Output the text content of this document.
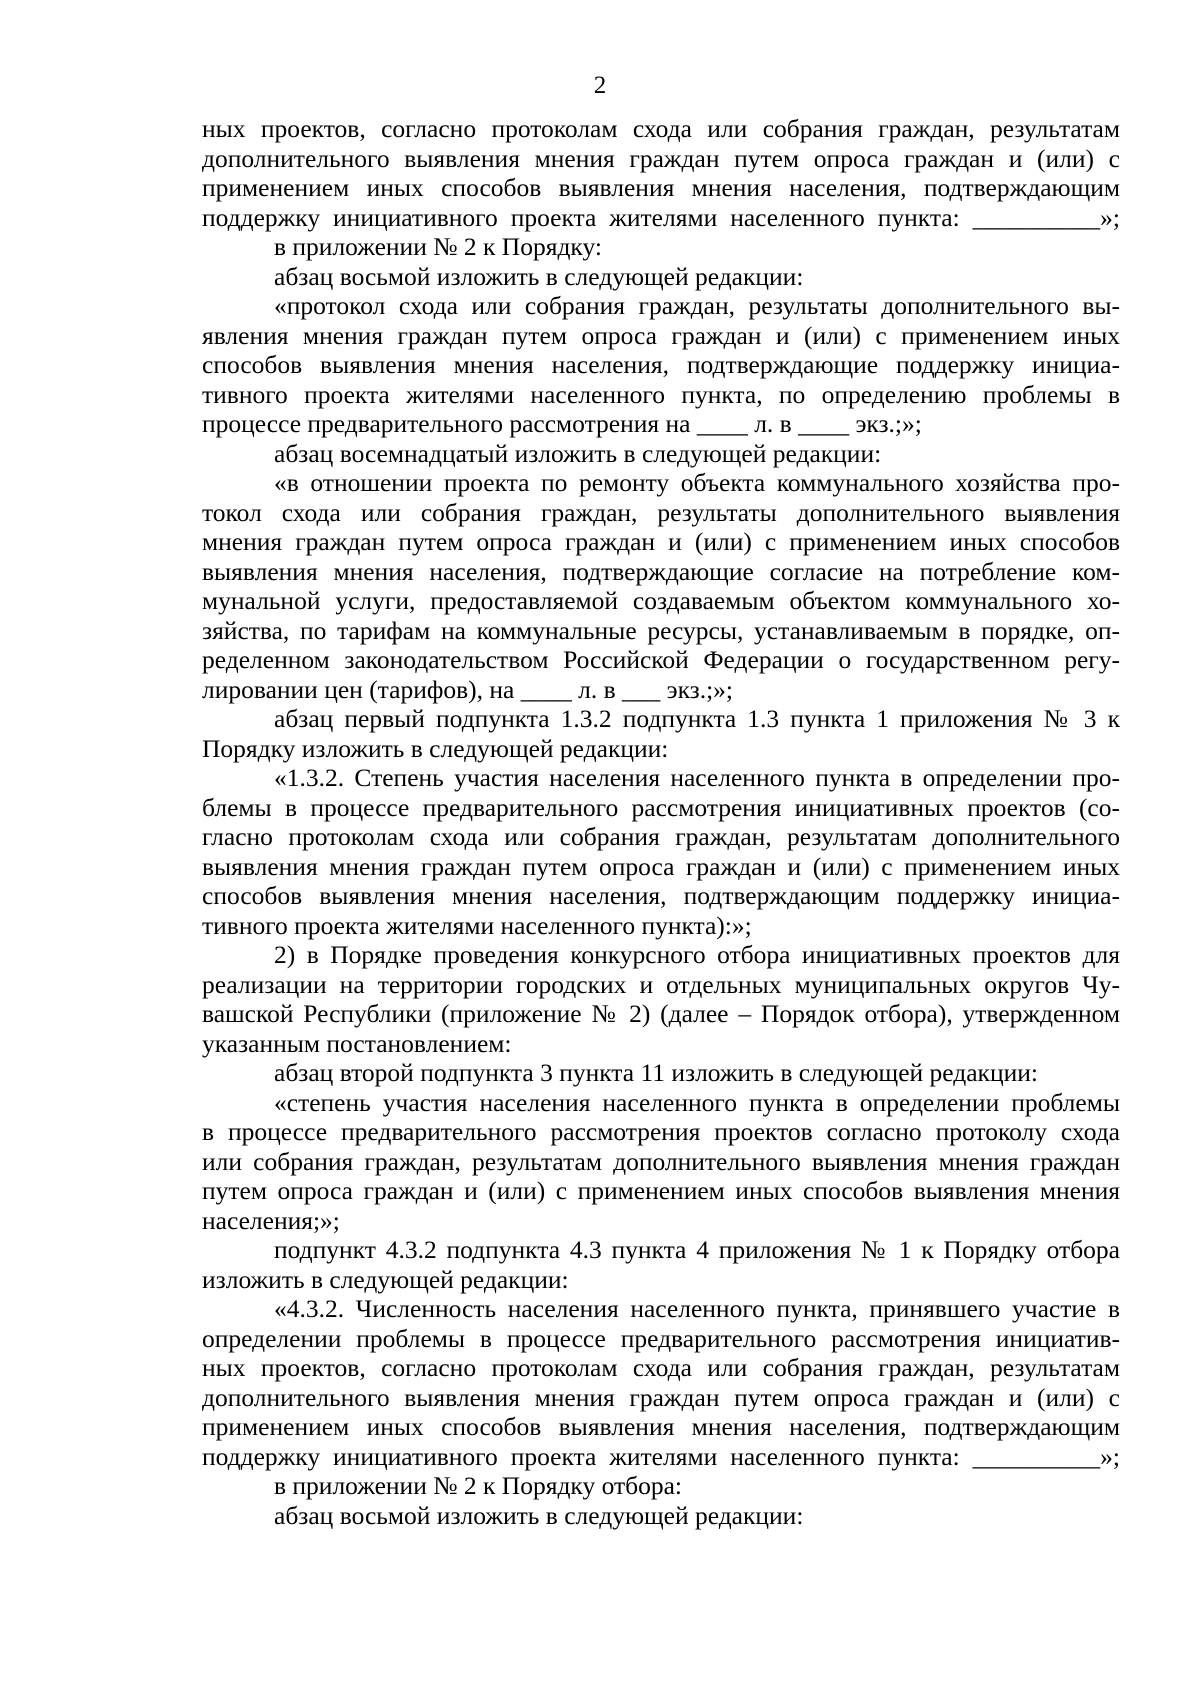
2
ных проектов, согласно протоколам схода или собрания граждан, результатам
дополнительного выявления мнения граждан путем опроса граждан и (или) с
применением иных способов выявления мнения населения, подтверждающим
поддержку инициативного проекта жителями населенного пункта: __________»;
в приложении № 2 к Порядку:
абзац восьмой изложить в следующей редакции:
«протокол схода или собрания граждан, результаты дополнительного вы-
явления мнения граждан путем опроса граждан и (или) с применением иных
способов выявления мнения населения, подтверждающие поддержку инициа-
тивного проекта жителями населенного пункта, по определению проблемы в
процессе предварительного рассмотрения на ____ л. в ____ экз.;»;
абзац восемнадцатый изложить в следующей редакции:
«в отношении проекта по ремонту объекта коммунального хозяйства про-
токол схода или собрания граждан, результаты дополнительного выявления
мнения граждан путем опроса граждан и (или) с применением иных способов
выявления мнения населения, подтверждающие согласие на потребление ком-
мунальной услуги, предоставляемой создаваемым объектом коммунального хо-
зяйства, по тарифам на коммунальные ресурсы, устанавливаемым в порядке, оп-
ределенном законодательством Российской Федерации о государственном регу-
лировании цен (тарифов), на ____ л. в ___ экз.;»;
абзац первый подпункта 1.3.2 подпункта 1.3 пункта 1 приложения № 3 к
Порядку изложить в следующей редакции:
«1.3.2. Степень участия населения населенного пункта в определении про-
блемы в процессе предварительного рассмотрения инициативных проектов (со-
гласно протоколам схода или собрания граждан, результатам дополнительного
выявления мнения граждан путем опроса граждан и (или) с применением иных
способов выявления мнения населения, подтверждающим поддержку инициа-
тивного проекта жителями населенного пункта):»;
2) в Порядке проведения конкурсного отбора инициативных проектов для
реализации на территории городских и отдельных муниципальных округов Чу-
вашской Республики (приложение № 2) (далее – Порядок отбора), утвержденном
указанным постановлением:
абзац второй подпункта 3 пункта 11 изложить в следующей редакции:
«степень участия населения населенного пункта в определении проблемы
в процессе предварительного рассмотрения проектов согласно протоколу схода
или собрания граждан, результатам дополнительного выявления мнения граждан
путем опроса граждан и (или) с применением иных способов выявления мнения
населения;»;
подпункт 4.3.2 подпункта 4.3 пункта 4 приложения № 1 к Порядку отбора
изложить в следующей редакции:
«4.3.2. Численность населения населенного пункта, принявшего участие в
определении проблемы в процессе предварительного рассмотрения инициатив-
ных проектов, согласно протоколам схода или собрания граждан, результатам
дополнительного выявления мнения граждан путем опроса граждан и (или) с
применением иных способов выявления мнения населения, подтверждающим
поддержку инициативного проекта жителями населенного пункта: __________»;
в приложении № 2 к Порядку отбора:
абзац восьмой изложить в следующей редакции:
